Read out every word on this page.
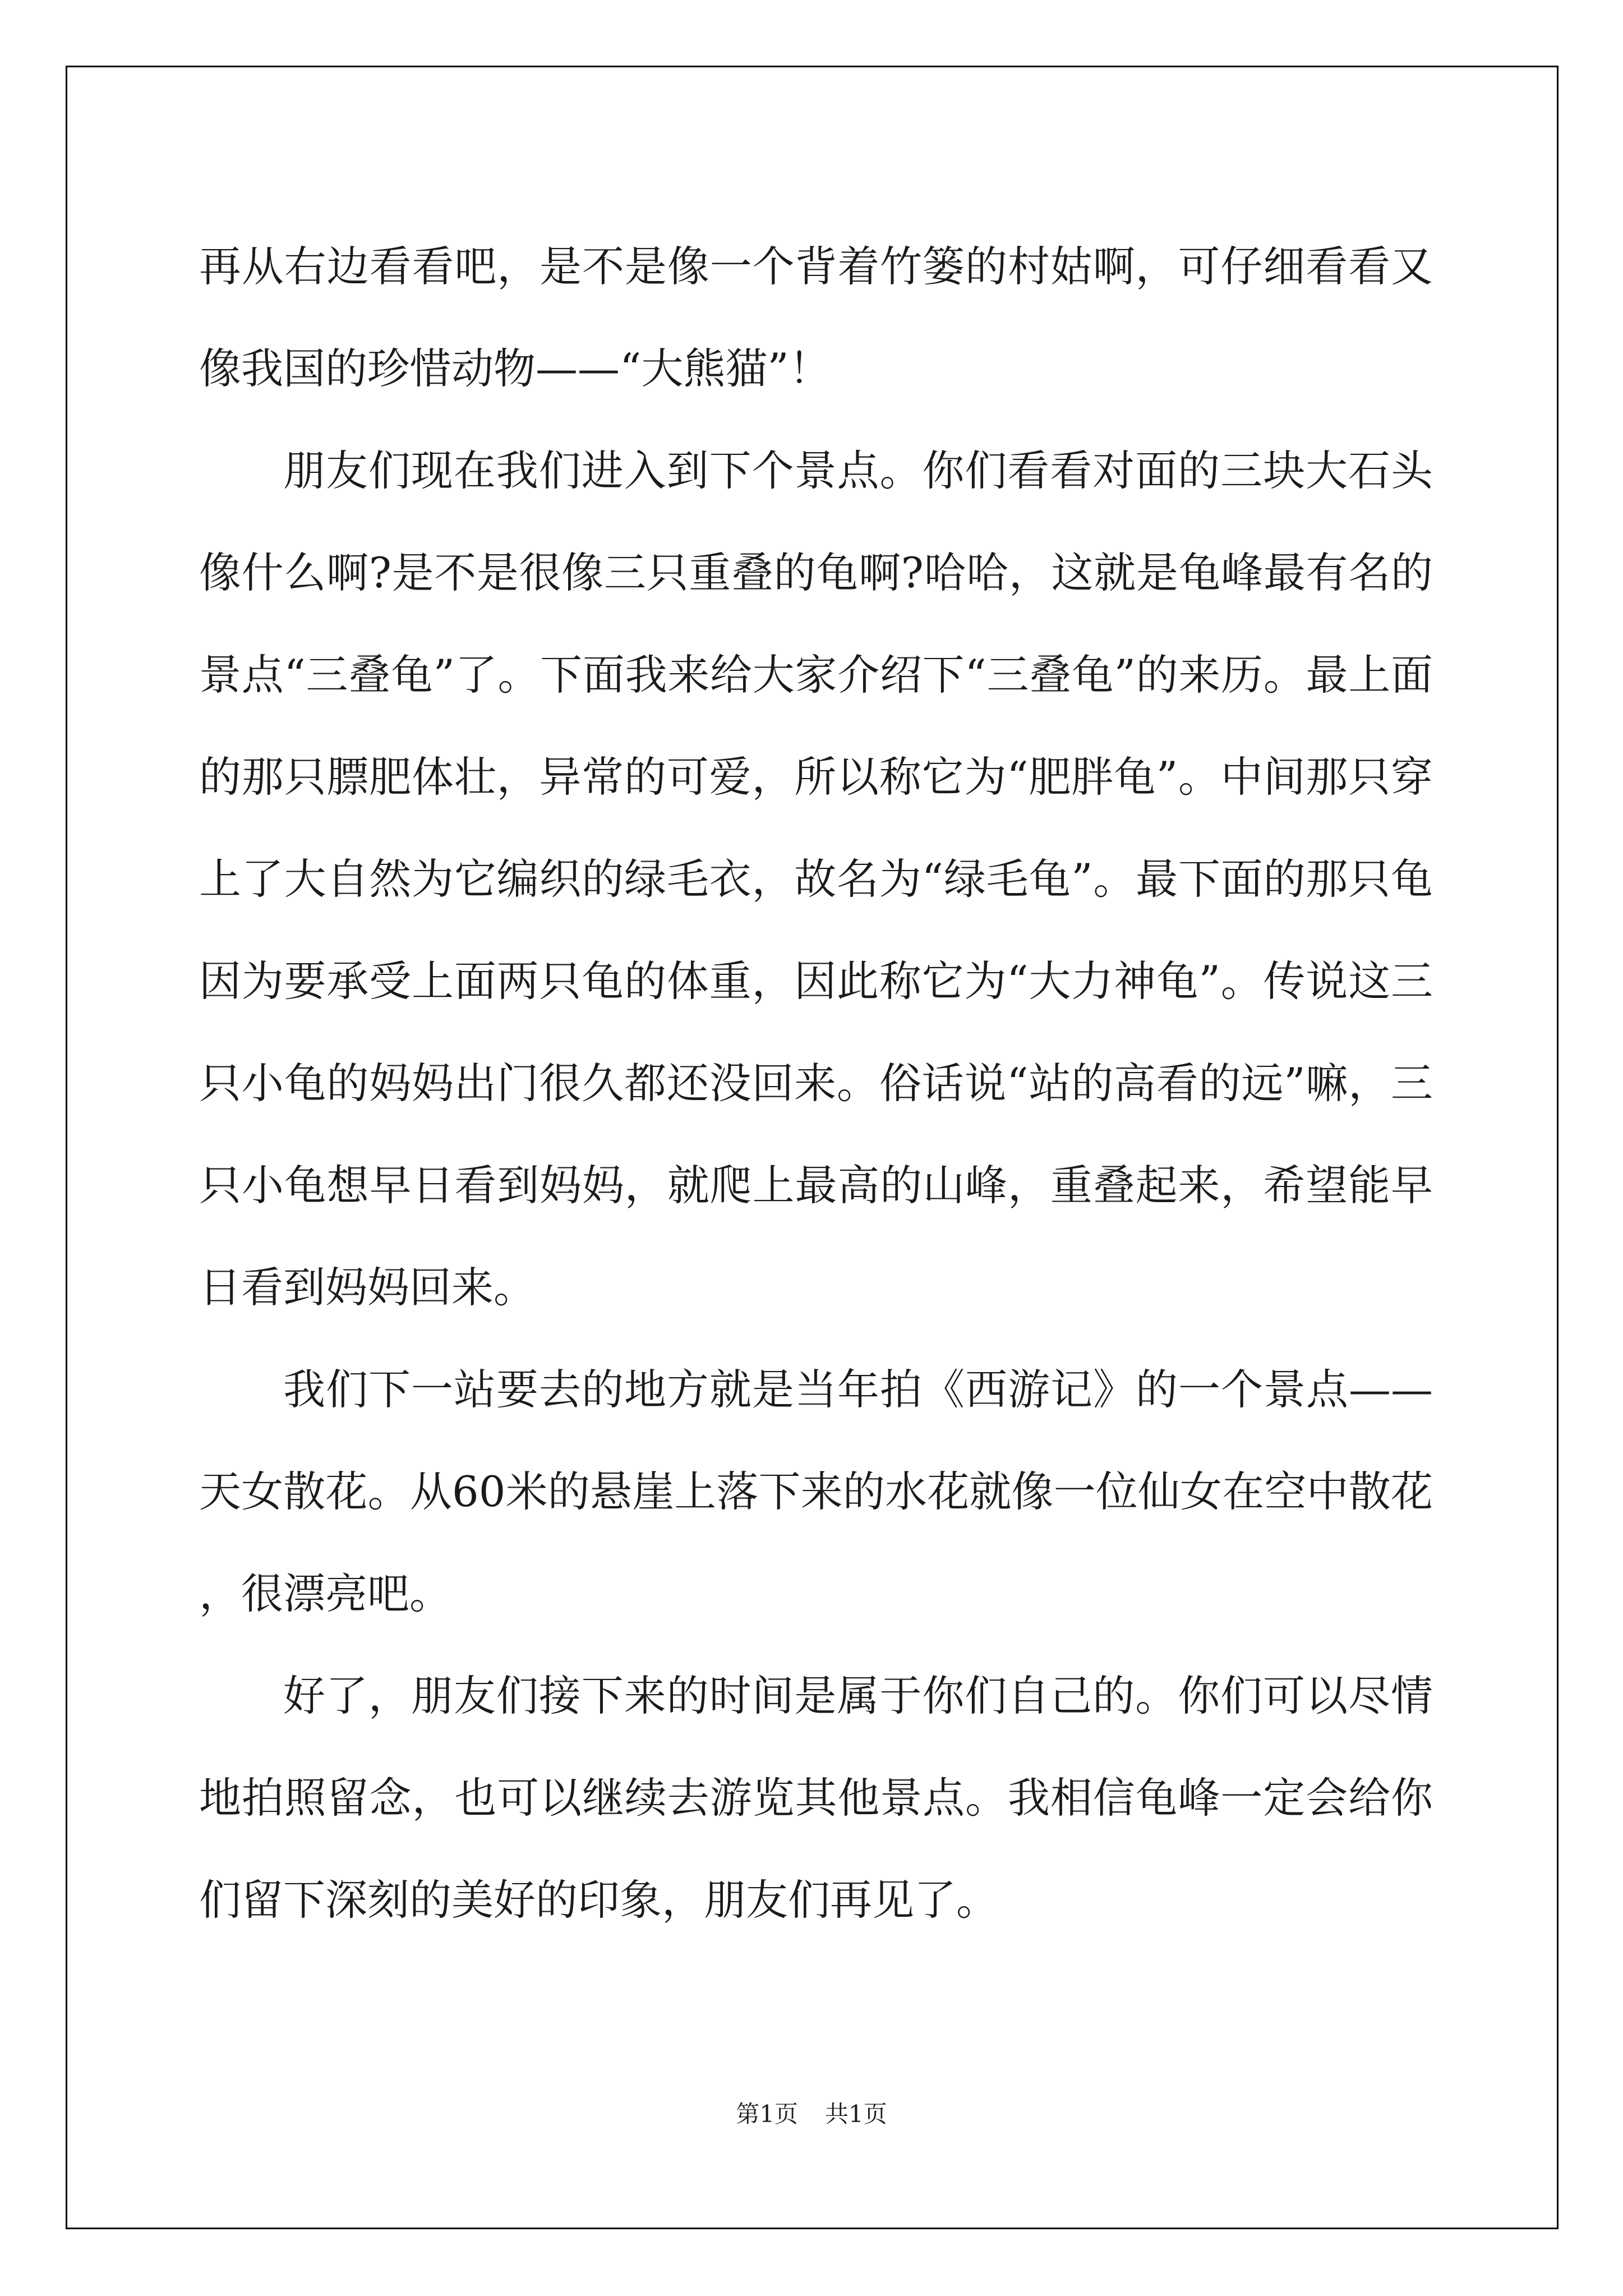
再从右边看看吧，是不是像一个背着竹篓的村姑啊，可仔细看看又像我国的珍惜动物——“大熊猫”！

朋友们现在我们进入到下个景点。你们看看对面的三块大石头像什么啊?是不是很像三只重叠的龟啊?哈哈，这就是龟峰最有名的景点“三叠龟”了。下面我来给大家介绍下“三叠龟”的来历。最上面的那只膘肥体壮，异常的可爱，所以称它为“肥胖龟”。中间那只穿上了大自然为它编织的绿毛衣，故名为“绿毛龟”。最下面的那只龟因为要承受上面两只龟的体重，因此称它为“大力神龟”。传说这三只小龟的妈妈出门很久都还没回来。俗话说“站的高看的远”嘛，三只小龟想早日看到妈妈，就爬上最高的山峰，重叠起来，希望能早日看到妈妈回来。

我们下一站要去的地方就是当年拍《西游记》的一个景点——天女散花。从60米的悬崖上落下来的水花就像一位仙女在空中散花，很漂亮吧。

好了，朋友们接下来的时间是属于你们自己的。你们可以尽情地拍照留念，也可以继续去游览其他景点。我相信龟峰一定会给你们留下深刻的美好的印象，朋友们再见了。

第1页 共1页
